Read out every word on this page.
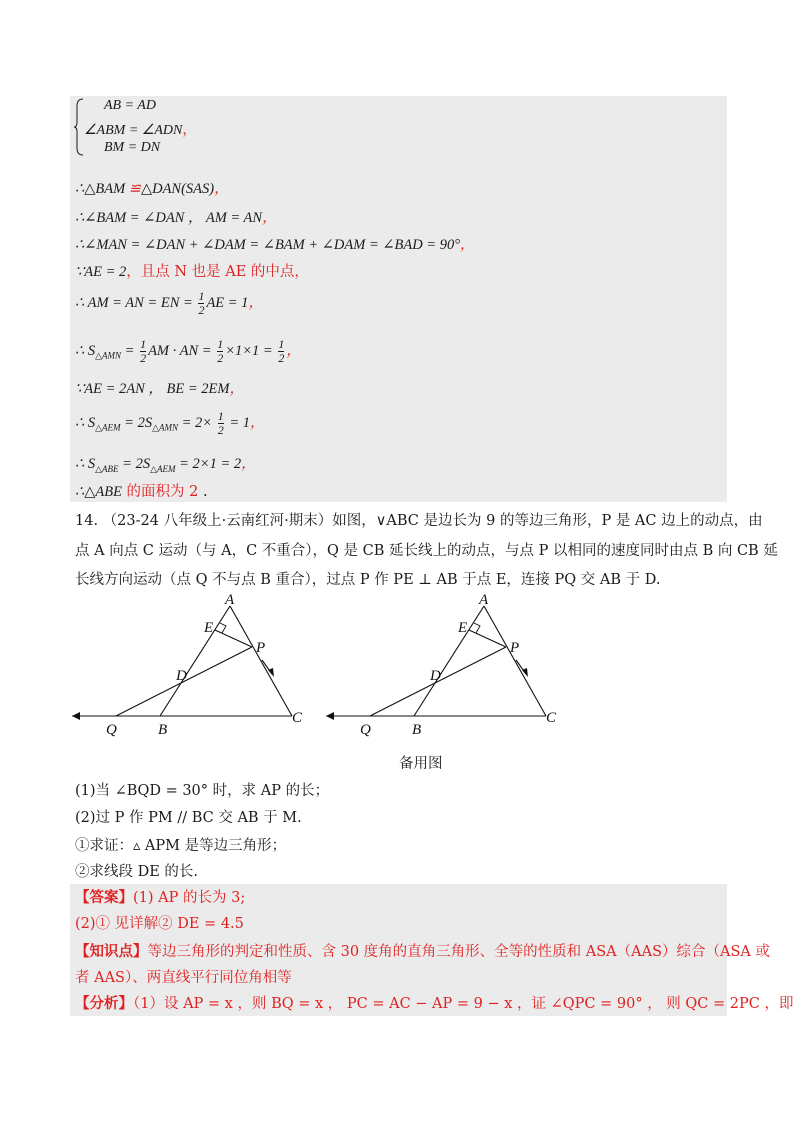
AB = AD
∠ABM = ∠ADN，
BM = DN
∴△BAM ≌△DAN(SAS)，
∴∠BAM = ∠DAN ， AM = AN，
∴∠MAN = ∠DAN + ∠DAM = ∠BAM + ∠DAM = ∠BAD = 90°，
∵AE = 2，且点 N 也是 AE 的中点，
∴ AM = AN = EN = $\frac{1}{2}$ AE = 1，
∴ $S_{\triangle AMN} = \frac{1}{2}$ AM · AN = $\frac{1}{2} \times 1\times 1 = \frac{1}{2}$ ，
∵AE = 2AN ， BE = 2EM，
∴ $S_{\triangle AEM} = 2S_{\triangle AMN} = 2\times \frac{1}{2} = 1$，
∴ $S_{\triangle ABE} = 2S_{\triangle AEM} = 2\times 1 = 2$，
∴△ABE 的面积为 2 .
14. （23-24 八年级上·云南红河·期末）如图，∨ABC 是边长为 9 的等边三角形，P 是 AC 边上的动点，由
点 A 向点 C 运动（与 A，C 不重合），Q 是 CB 延长线上的动点，与点 P 以相同的速度同时由点 B 向 CB 延
长线方向运动（点 Q 不与点 B 重合），过点 P 作 PE ⊥ AB 于点 E，连接 PQ 交 AB 于 D.
A
E
P
D
Q	B
C
A
E
P
D
Q	B
C
备用图
(1)当 ∠BQD = 30° 时，求 AP 的长；
(2)过 P 作 PM // BC 交 AB 于 M.
①求证：▵ APM 是等边三角形；
②求线段 DE 的长.
【答案】(1) AP 的长为 3;
(2)① 见详解② DE = 4.5
【知识点】等边三角形的判定和性质、含 30 度角的直角三角形、全等的性质和 ASA（AAS）综合（ASA 或
者 AAS）、两直线平行同位角相等
【分析】（1）设 AP = x ，则 BQ = x ， PC = AC − AP = 9 − x ，证 ∠QPC = 90° ， 则 QC = 2PC ，即
